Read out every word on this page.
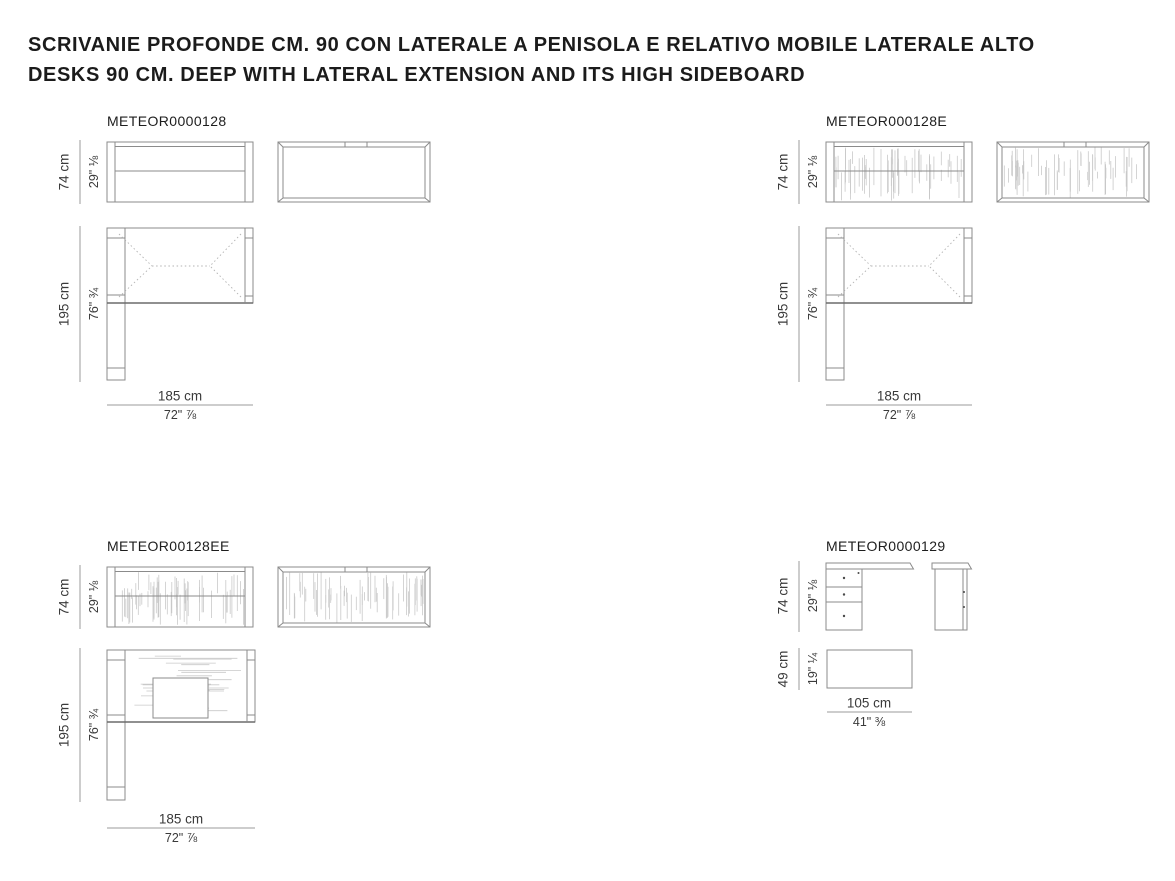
SCRIVANIE PROFONDE CM. 90 CON LATERALE A PENISOLA E RELATIVO MOBILE LATERALE ALTO
DESKS 90 CM. DEEP WITH LATERAL EXTENSION AND ITS HIGH SIDEBOARD
METEOR0000128
74 cm 29" ⅛
195 cm 76" ¾
185 cm
72" ⅞
METEOR000128E
74 cm 29" ⅛
195 cm 76" ¾
185 cm
72" ⅞
METEOR00128EE
74 cm 29" ⅛
195 cm 76" ¾
185 cm
72" ⅞
METEOR0000129
74 cm 29" ⅛
49 cm 19" ¼
105 cm
41" ⅜
